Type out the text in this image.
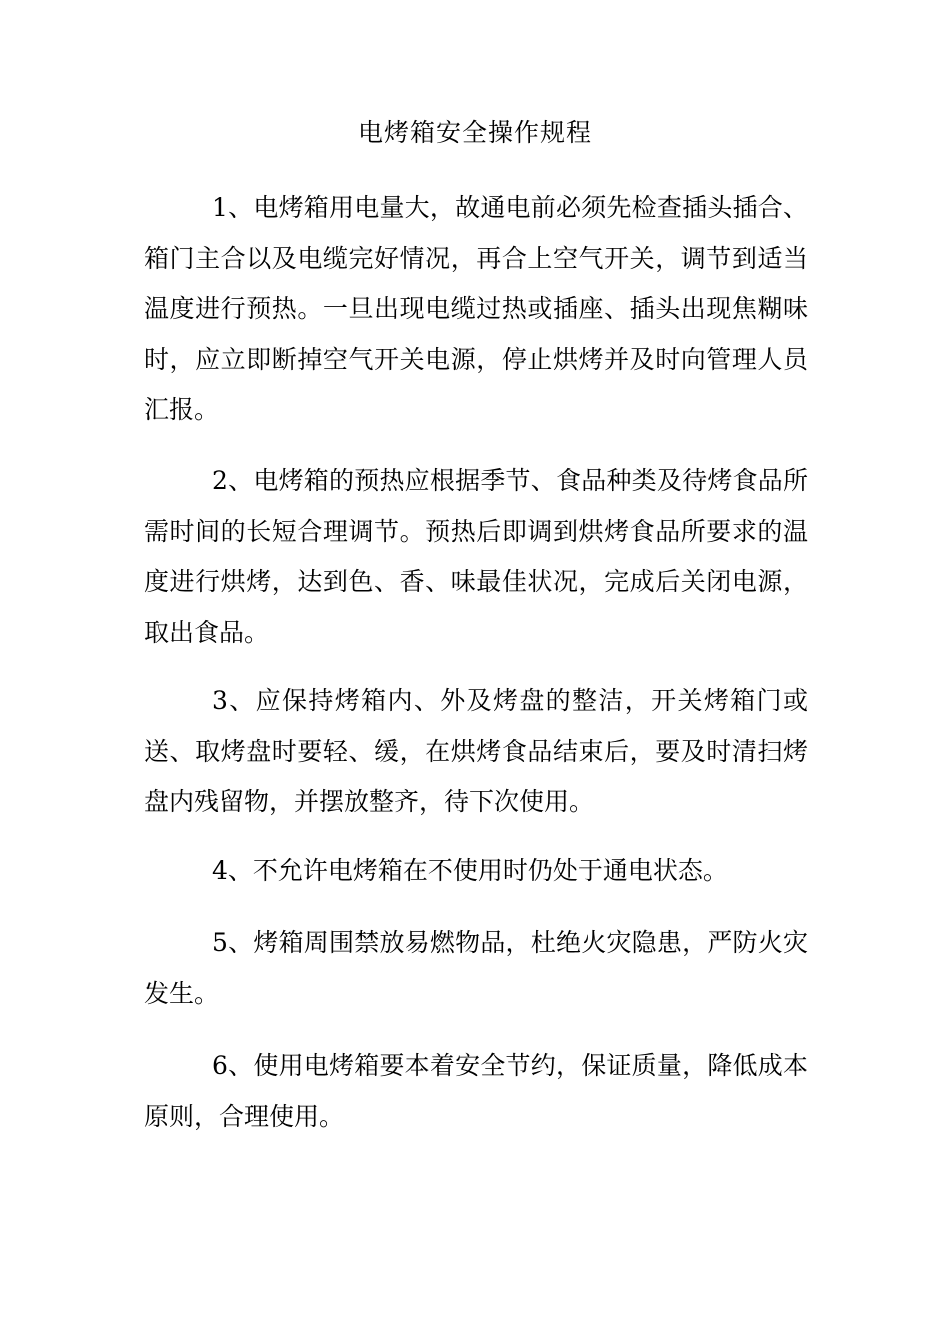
电烤箱安全操作规程

1、电烤箱用电量大，故通电前必须先检查插头插合、箱门主合以及电缆完好情况，再合上空气开关，调节到适当温度进行预热。一旦出现电缆过热或插座、插头出现焦糊味时，应立即断掉空气开关电源，停止烘烤并及时向管理人员汇报。

2、电烤箱的预热应根据季节、食品种类及待烤食品所需时间的长短合理调节。预热后即调到烘烤食品所要求的温度进行烘烤，达到色、香、味最佳状况，完成后关闭电源，取出食品。

3、应保持烤箱内、外及烤盘的整洁，开关烤箱门或送、取烤盘时要轻、缓，在烘烤食品结束后，要及时清扫烤盘内残留物，并摆放整齐，待下次使用。

4、不允许电烤箱在不使用时仍处于通电状态。

5、烤箱周围禁放易燃物品，杜绝火灾隐患，严防火灾发生。

6、使用电烤箱要本着安全节约，保证质量，降低成本原则，合理使用。
